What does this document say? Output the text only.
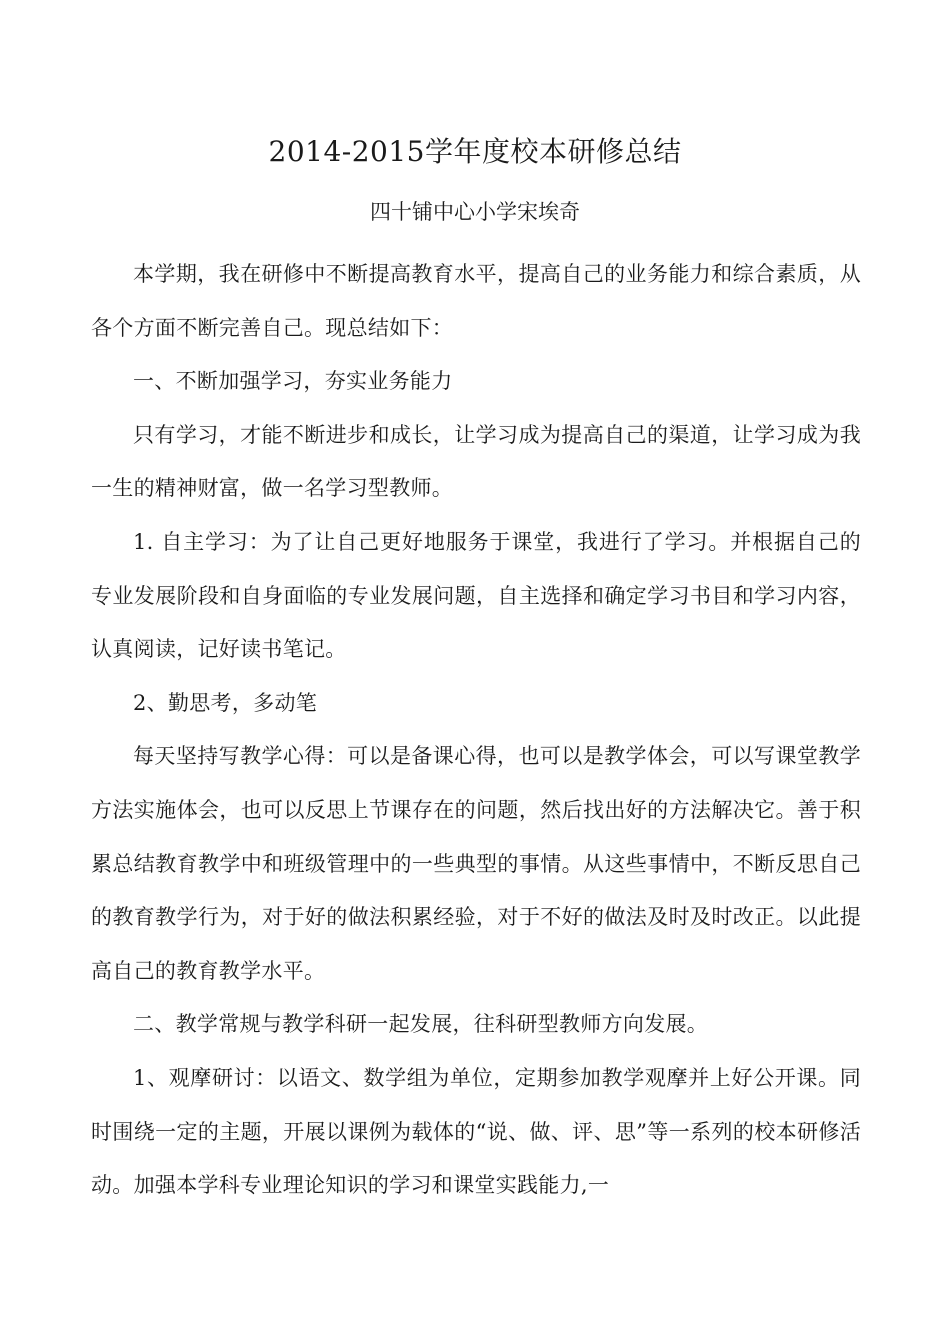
2014-2015学年度校本研修总结
四十铺中心小学宋埃奇

本学期，我在研修中不断提高教育水平，提高自己的业务能力和综合素质，从各个方面不断完善自己。现总结如下：

一、不断加强学习，夯实业务能力

只有学习，才能不断进步和成长，让学习成为提高自己的渠道，让学习成为我一生的精神财富，做一名学习型教师。

1. 自主学习：为了让自己更好地服务于课堂，我进行了学习。并根据自己的专业发展阶段和自身面临的专业发展问题，自主选择和确定学习书目和学习内容，认真阅读，记好读书笔记。

2、勤思考，多动笔

每天坚持写教学心得：可以是备课心得，也可以是教学体会，可以写课堂教学方法实施体会，也可以反思上节课存在的问题，然后找出好的方法解决它。善于积累总结教育教学中和班级管理中的一些典型的事情。从这些事情中，不断反思自己的教育教学行为，对于好的做法积累经验，对于不好的做法及时及时改正。以此提高自己的教育教学水平。

二、教学常规与教学科研一起发展，往科研型教师方向发展。

1、观摩研讨：以语文、数学组为单位，定期参加教学观摩并上好公开课。同时围绕一定的主题，开展以课例为载体的“说、做、评、思”等一系列的校本研修活动。加强本学科专业理论知识的学习和课堂实践能力,一
